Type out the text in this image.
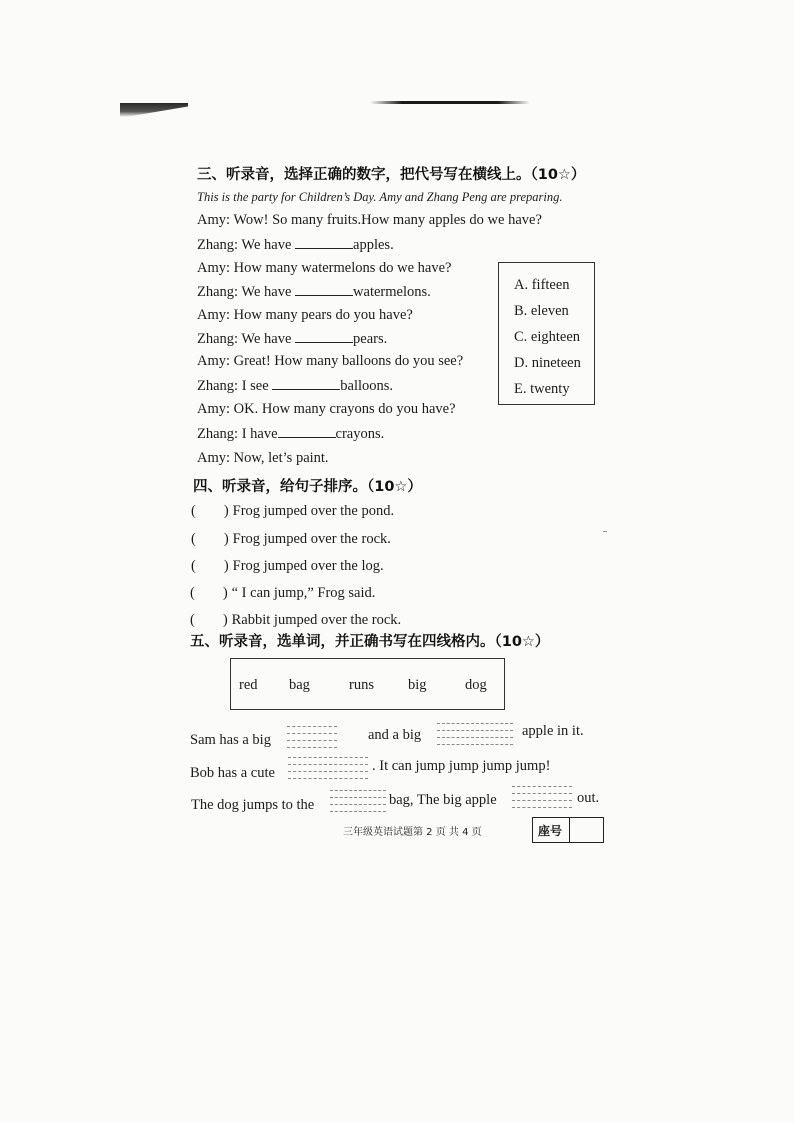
三、听录音，选择正确的数字，把代号写在横线上。（10☆）
This is the party for Children’s Day. Amy and Zhang Peng are preparing.
Amy: Wow! So many fruits.How many apples do we have?
Zhang: We have	apples.
Amy: How many watermelons do we have?
Zhang: We have	watermelons.
Amy: How many pears do you have?
Zhang: We have	pears.
Amy: Great! How many balloons do you see?
Zhang: I see	balloons.
Amy: OK. How many crayons do you have?
Zhang: I have	crayons.
Amy: Now, let’s paint.
A. fifteen
B. eleven
C. eighteen
D. nineteen
E. twenty
四、听录音，给句子排序。（10☆）
( ) Frog jumped over the pond.
( ) Frog jumped over the rock.
( ) Frog jumped over the log.
( ) “ I can jump,” Frog said.
( ) Rabbit jumped over the rock.
五、听录音，选单词，并正确书写在四线格内。（10☆）
red bag	runs big	dog
Sam has a big	and a big	apple in it.
Bob has a cute	. It can jump jump jump jump!
The dog jumps to the	bag, The big apple	out.
三年级英语试题第 2 页 共 4 页	座号
